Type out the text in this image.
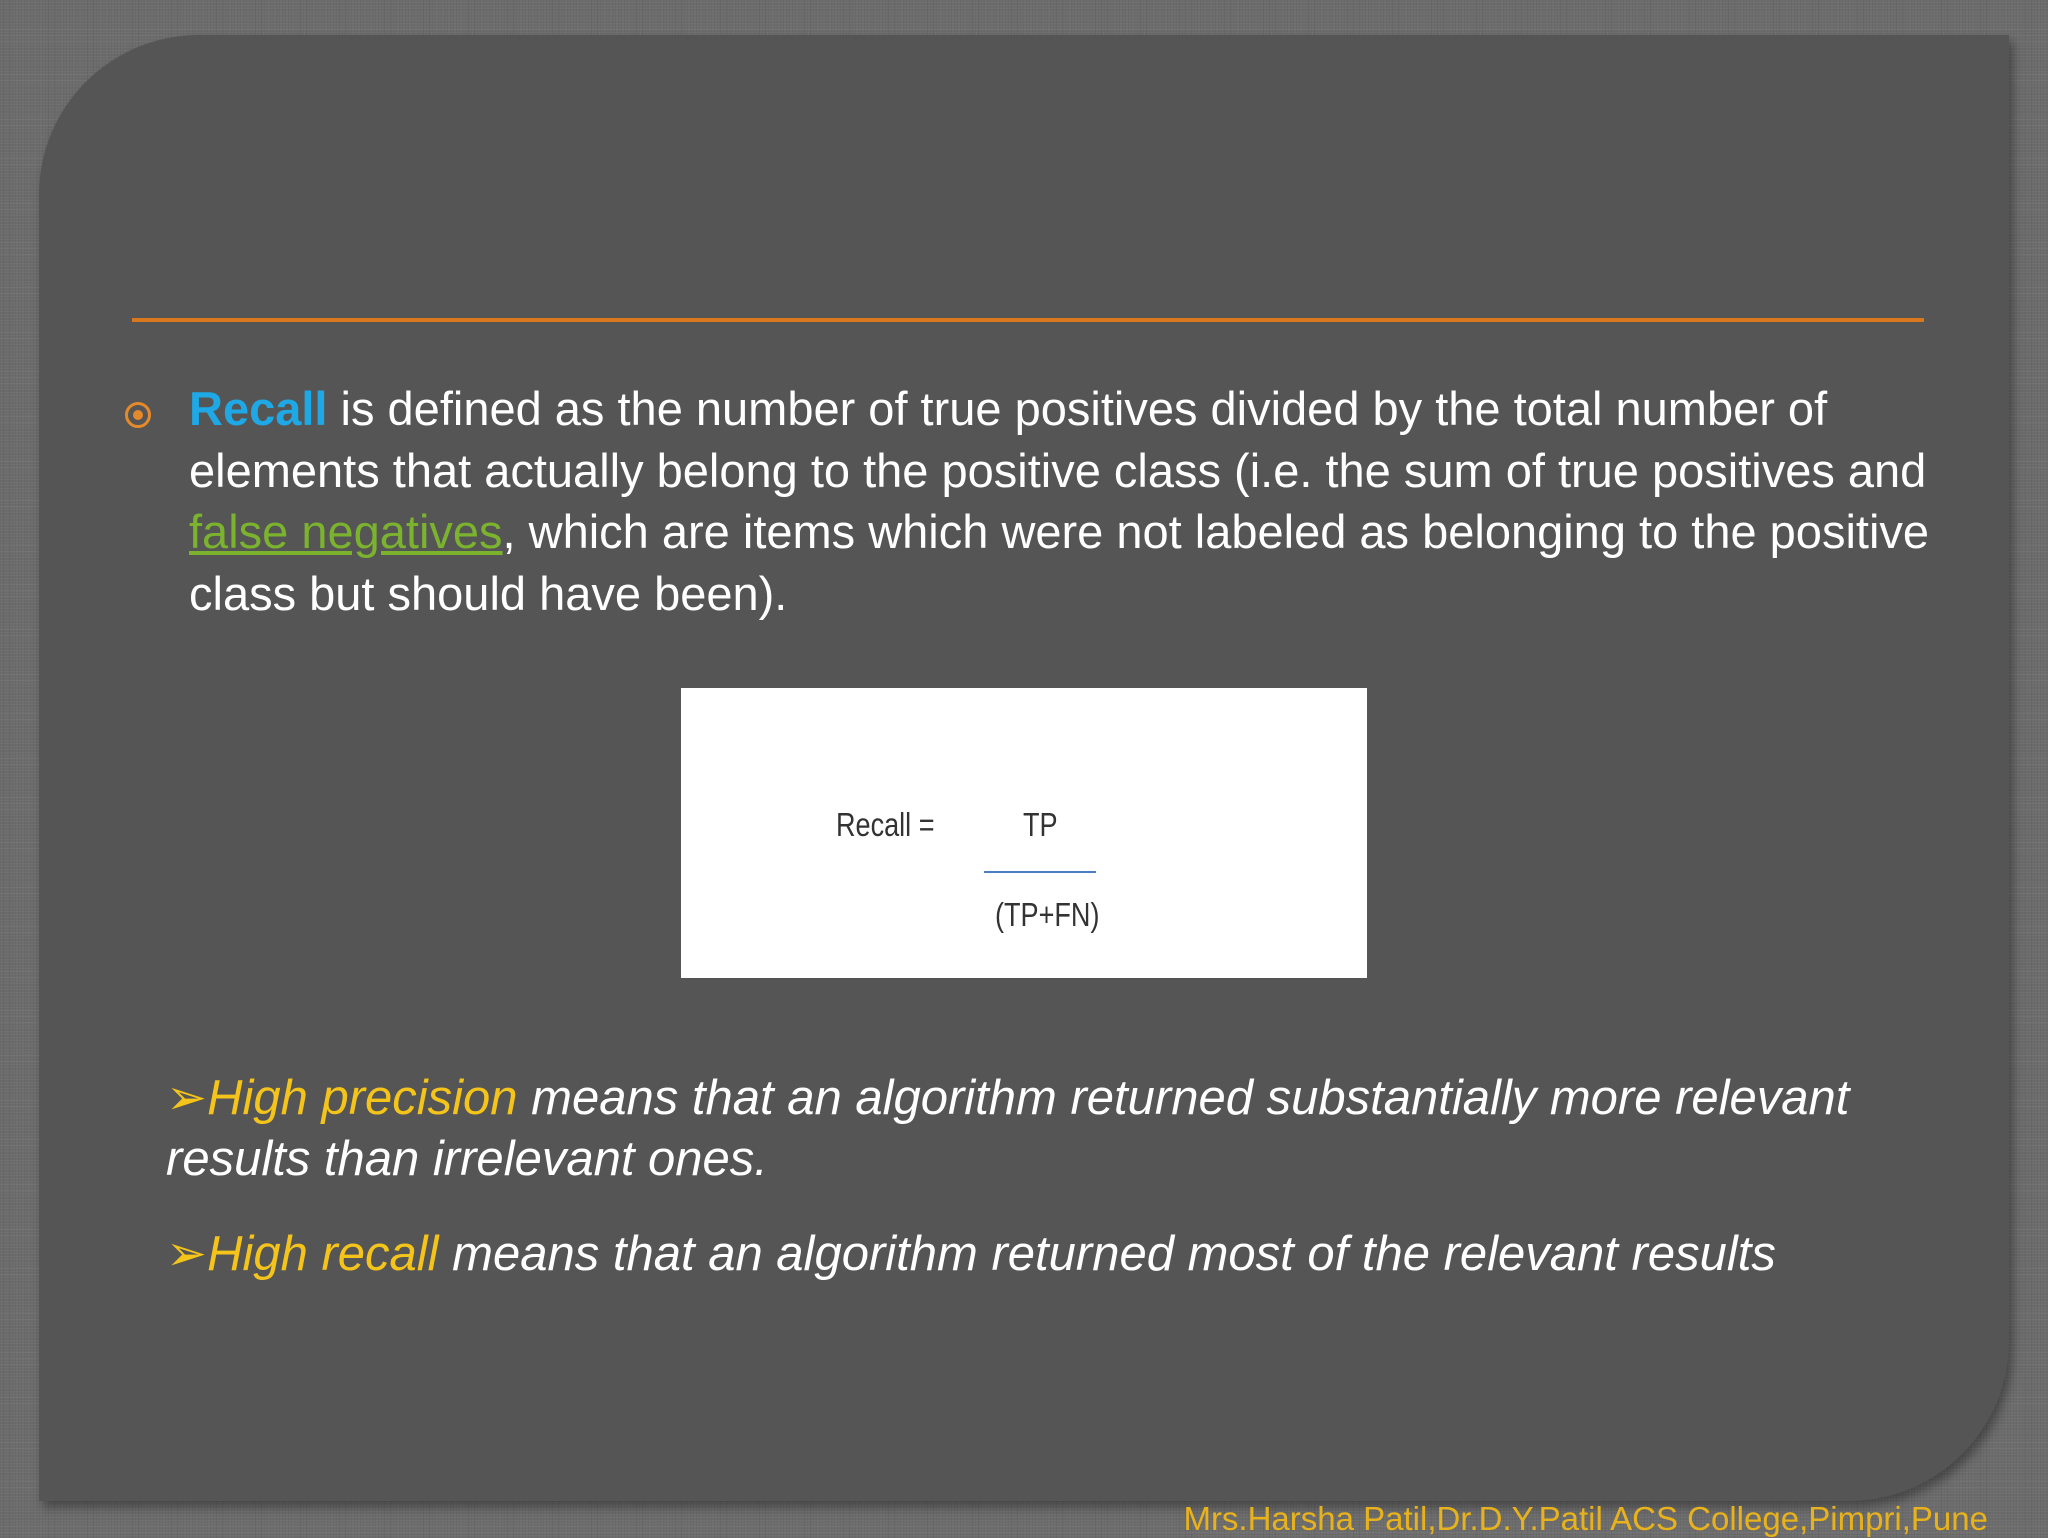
Recall is defined as the number of true positives divided by the total number of elements that actually belong to the positive class (i.e. the sum of true positives and false negatives, which are items which were not labeled as belonging to the positive class but should have been).
Recall =	TP
(TP+FN)
➢High precision means that an algorithm returned substantially more relevant results than irrelevant ones.
➢High recall means that an algorithm returned most of the relevant results
Mrs.Harsha Patil,Dr.D.Y.Patil ACS College,Pimpri,Pune
